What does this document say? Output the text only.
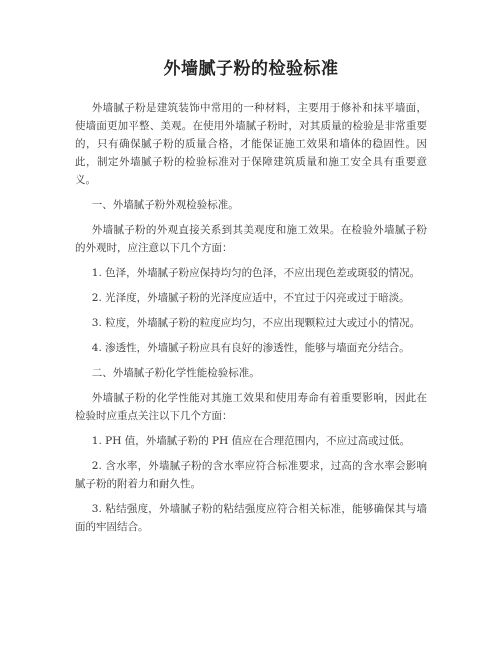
外墙腻子粉的检验标准

外墙腻子粉是建筑装饰中常用的一种材料，主要用于修补和抹平墙面，使墙面更加平整、美观。在使用外墙腻子粉时，对其质量的检验是非常重要的，只有确保腻子粉的质量合格，才能保证施工效果和墙体的稳固性。因此，制定外墙腻子粉的检验标准对于保障建筑质量和施工安全具有重要意义。

一、外墙腻子粉外观检验标准。

外墙腻子粉的外观直接关系到其美观度和施工效果。在检验外墙腻子粉的外观时，应注意以下几个方面：

1. 色泽，外墙腻子粉应保持均匀的色泽，不应出现色差或斑驳的情况。

2. 光泽度，外墙腻子粉的光泽度应适中，不宜过于闪亮或过于暗淡。

3. 粒度，外墙腻子粉的粒度应均匀，不应出现颗粒过大或过小的情况。

4. 渗透性，外墙腻子粉应具有良好的渗透性，能够与墙面充分结合。

二、外墙腻子粉化学性能检验标准。

外墙腻子粉的化学性能对其施工效果和使用寿命有着重要影响，因此在检验时应重点关注以下几个方面：

1. PH 值，外墙腻子粉的 PH 值应在合理范围内，不应过高或过低。

2. 含水率，外墙腻子粉的含水率应符合标准要求，过高的含水率会影响腻子粉的附着力和耐久性。

3. 粘结强度，外墙腻子粉的粘结强度应符合相关标准，能够确保其与墙面的牢固结合。
